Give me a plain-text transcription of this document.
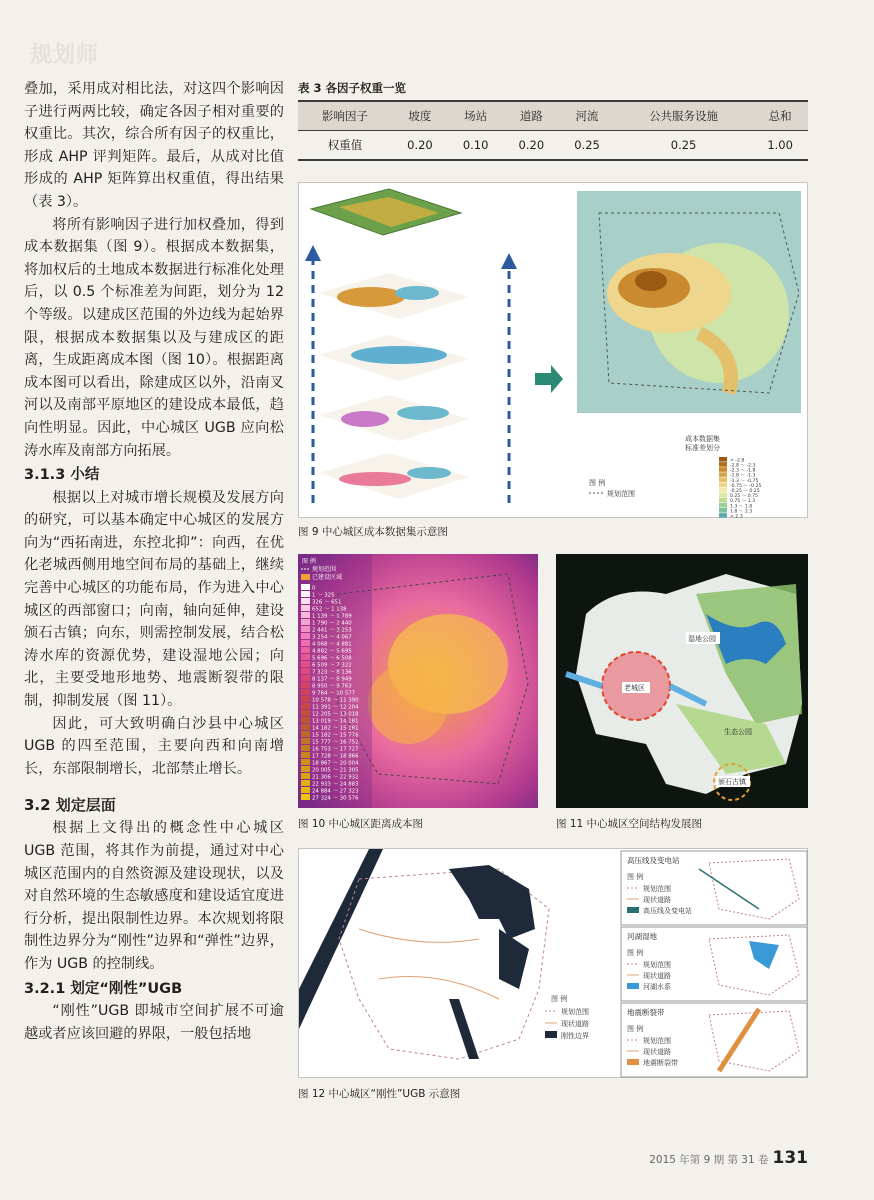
规划师

叠加，采用成对相比法，对这四个影响因子进行两两比较，确定各因子相对重要的权重比。其次，综合所有因子的权重比，形成 AHP 评判矩阵。最后，从成对比值形成的 AHP 矩阵算出权重值，得出结果（表 3）。

将所有影响因子进行加权叠加，得到成本数据集（图 9）。根据成本数据集，将加权后的土地成本数据进行标准化处理后，以 0.5 个标准差为间距，划分为 12 个等级。以建成区范围的外边线为起始界限，根据成本数据集以及与建成区的距离，生成距离成本图（图 10）。根据距离成本图可以看出，除建成区以外，沿南叉河以及南部平原地区的建设成本最低，趋向性明显。因此，中心城区 UGB 应向松涛水库及南部方向拓展。

3.1.3 小结

根据以上对城市增长规模及发展方向的研究，可以基本确定中心城区的发展方向为“西拓南进，东控北抑”：向西，在优化老城西侧用地空间布局的基础上，继续完善中心城区的功能布局，作为进入中心城区的西部窗口；向南，轴向延伸，建设颁石古镇；向东，则需控制发展，结合松涛水库的资源优势，建设湿地公园；向北，主要受地形地势、地震断裂带的限制，抑制发展（图 11）。

因此，可大致明确白沙县中心城区 UGB 的四至范围，主要向西和向南增长，东部限制增长，北部禁止增长。

3.2 划定层面

根据上文得出的概念性中心城区 UGB 范围，将其作为前提，通过对中心城区范围内的自然资源及建设现状，以及对自然环境的生态敏感度和建设适宜度进行分析，提出限制性边界。本次规划将限制性边界分为“刚性”边界和“弹性”边界，作为 UGB 的控制线。

3.2.1 划定“刚性”UGB

“刚性”UGB 即城市空间扩展不可逾越或者应该回避的界限，一般包括地

表 3 各因子权重一览
影响因子	坡度	场站	道路	河流	公共服务设施	总和
权重值	0.20	0.10	0.20	0.25	0.25	1.00
成本数据集
标准差划分
< -2.8
-2.8 ～ -2.3
-2.3 ～ -1.8
-1.8 ～ -1.3
-1.3 ～ -0.75
-0.75 ～ -0.25
-0.25 ～ 0.25
0.25 ～ 0.75
0.75 ～ 1.3
1.3 ～ 1.8
1.8 ～ 2.3
> 2.3
图 例
规划范围
图 9 中心城区成本数据集示意图
图 例
规划范围
已建设区域
0
1 ～ 325
326 ～ 651
652 ～ 1 138
1 139 ～ 1 789
1 790 ～ 2 440
2 441 ～ 3 253
3 254 ～ 4 067
4 068 ～ 4 881
4 882 ～ 5 695
5 696 ～ 6 508
6 509 ～ 7 322
7 323 ～ 8 136
8 137 ～ 8 949
8 950 ～ 9 763
9 764 ～ 10 577
10 578 ～ 11 390
11 391 ～ 12 204
12 205 ～ 13 018
13 019 ～ 14 181
14 182 ～ 15 181
15 182 ～ 15 776
15 777 ～ 16 752
16 753 ～ 17 727
17 728 ～ 18 866
18 867 ～ 20 004
20 005 ～ 21 305
21 306 ～ 22 932
22 933 ～ 24 883
24 884 ～ 27 323
27 324 ～ 30 576
图 10 中心城区距离成本图
湿地公园
老城区
生态公园
颁石古镇
图 11 中心城区空间结构发展图
图 例
规划范围
现状道路
刚性边界
高压线及变电站
图 例
规划范围
现状道路
高压线及变电站
河湖湿地
图 例
规划范围
现状道路
河湖水系
地震断裂带
图 例
规划范围
现状道路
地震断裂带
图 12 中心城区“刚性”UGB 示意图
2015 年第 9 期 第 31 卷 131
